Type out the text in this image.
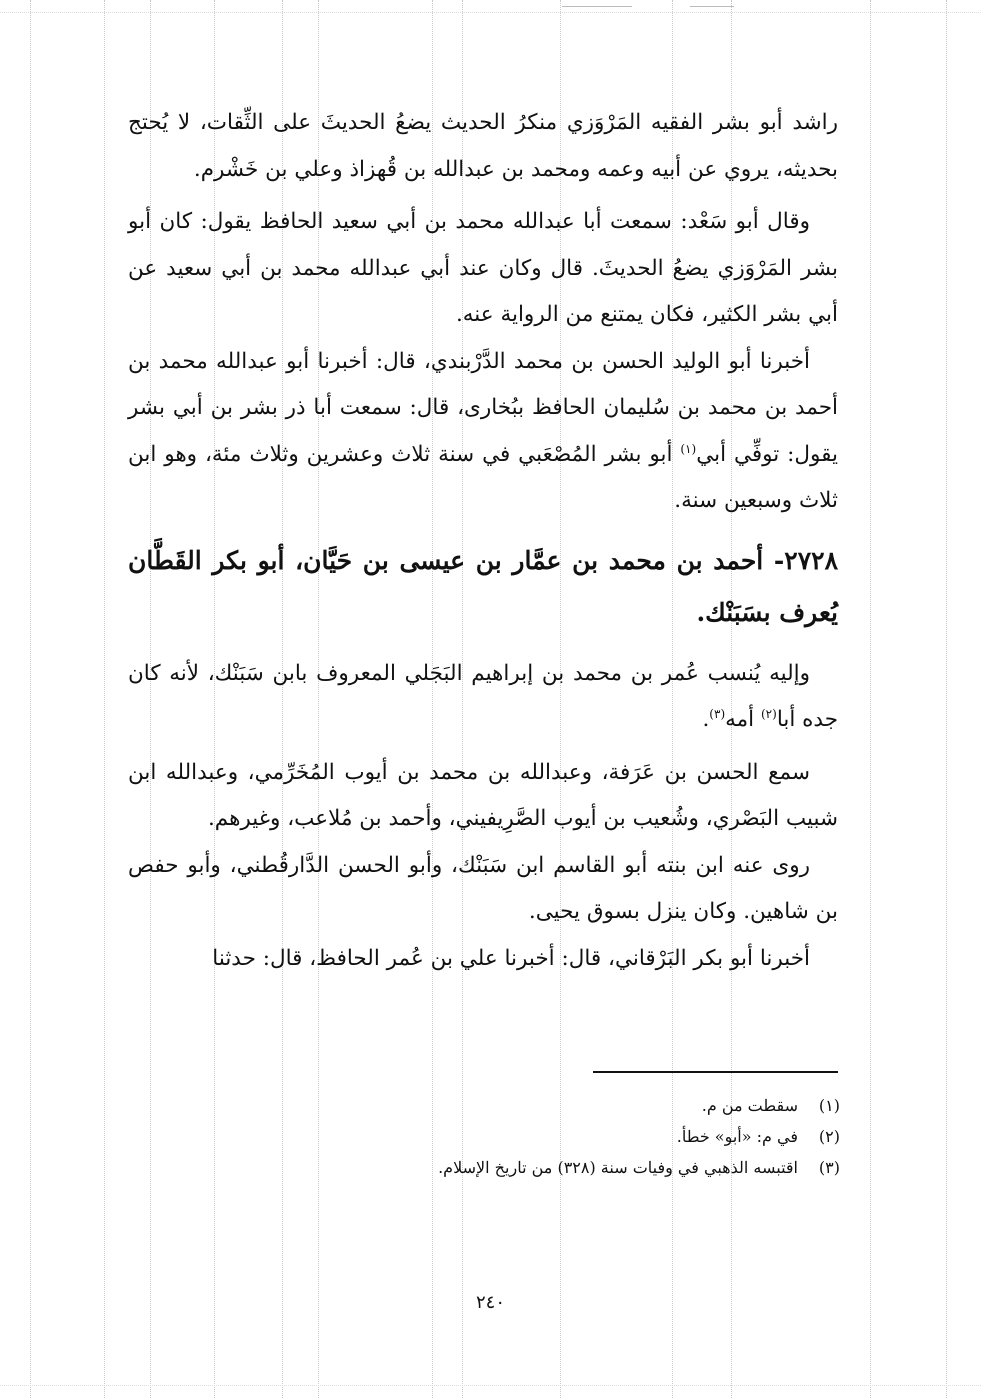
راشد أبو بشر الفقيه المَرْوَزي منكرُ الحديث يضعُ الحديثَ على الثِّقات، لا يُحتج بحديثه، يروي عن أبيه وعمه ومحمد بن عبدالله بن قُهزاذ وعلي بن خَشْرم.

وقال أبو سَعْد: سمعت أبا عبدالله محمد بن أبي سعيد الحافظ يقول: كان أبو بشر المَرْوَزي يضعُ الحديثَ. قال وكان عند أبي عبدالله محمد بن أبي سعيد عن أبي بشر الكثير، فكان يمتنع من الرواية عنه.

أخبرنا أبو الوليد الحسن بن محمد الدَّرْبندي، قال: أخبرنا أبو عبدالله محمد بن أحمد بن محمد بن سُليمان الحافظ ببُخارى، قال: سمعت أبا ذر بشر بن أبي بشر يقول: توفِّي أبي$^{(١)}$ أبو بشر المُصْعَبي في سنة ثلاث وعشرين وثلاث مئة، وهو ابن ثلاث وسبعين سنة.

٢٧٢٨- أحمد بن محمد بن عمَّار بن عيسى بن حَيَّان، أبو بكر القَطَّان يُعرف بسَبَنْك.

وإليه يُنسب عُمر بن محمد بن إبراهيم البَجَلي المعروف بابن سَبَنْك، لأنه كان جده أبا$^{(٢)}$ أمه$^{(٣)}$.

سمع الحسن بن عَرَفة، وعبدالله بن محمد بن أيوب المُخَرِّمي، وعبدالله ابن شبيب البَصْري، وشُعيب بن أيوب الصَّرِيفيني، وأحمد بن مُلاعب، وغيرهم.

روى عنه ابن بنته أبو القاسم ابن سَبَنْك، وأبو الحسن الدَّارقُطني، وأبو حفص بن شاهين. وكان ينزل بسوق يحيى.

أخبرنا أبو بكر البَرْقاني، قال: أخبرنا علي بن عُمر الحافظ، قال: حدثنا

(١)
سقطت من م.
(٢)
في م: «أبو» خطأ.
(٣)
اقتبسه الذهبي في وفيات سنة (٣٢٨) من تاريخ الإسلام.
٢٤٠
